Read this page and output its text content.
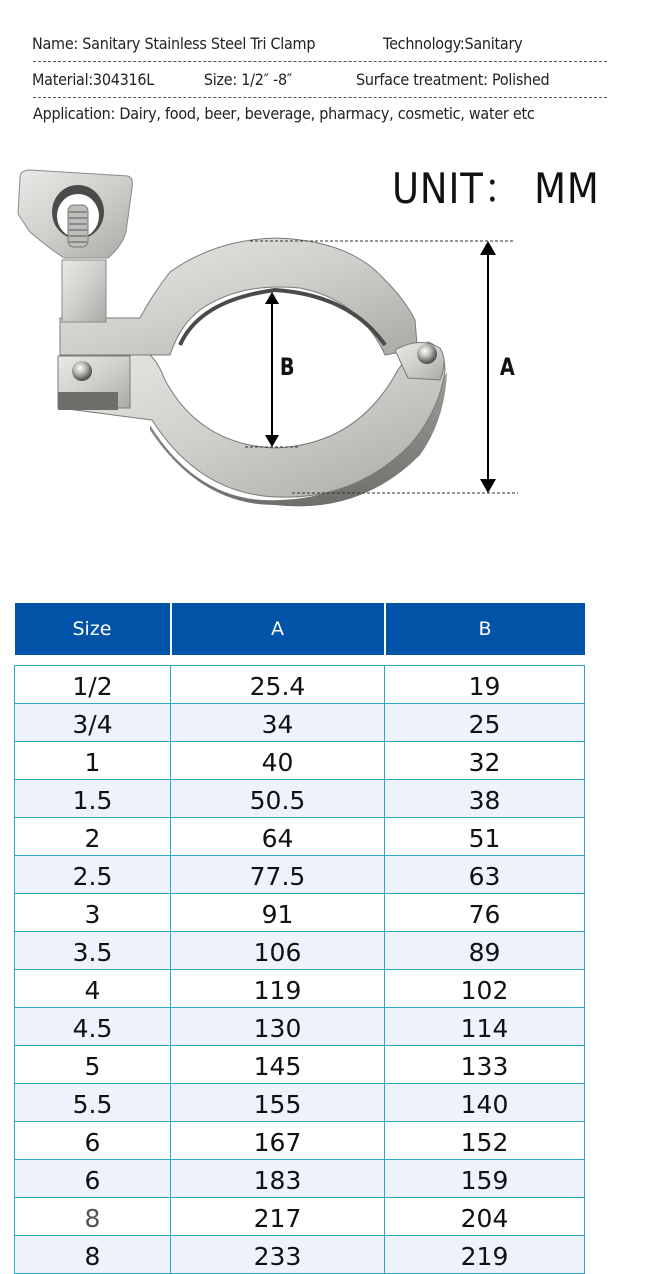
Name: Sanitary Stainless Steel Tri Clamp	Technology:Sanitary
Material:304316L	Size: 1/2″ -8″	Surface treatment: Polished
Application: Dairy, food, beer, beverage, pharmacy, cosmetic, water etc
UNIT： MM
B	A
Size	A	B

1/2	25.4	19
3/4	34	25
1	40	32
1.5	50.5	38
2	64	51
2.5	77.5	63
3	91	76
3.5	106	89
4	119	102
4.5	130	114
5	145	133
5.5	155	140
6	167	152
6	183	159
8	217	204
8	233	219
